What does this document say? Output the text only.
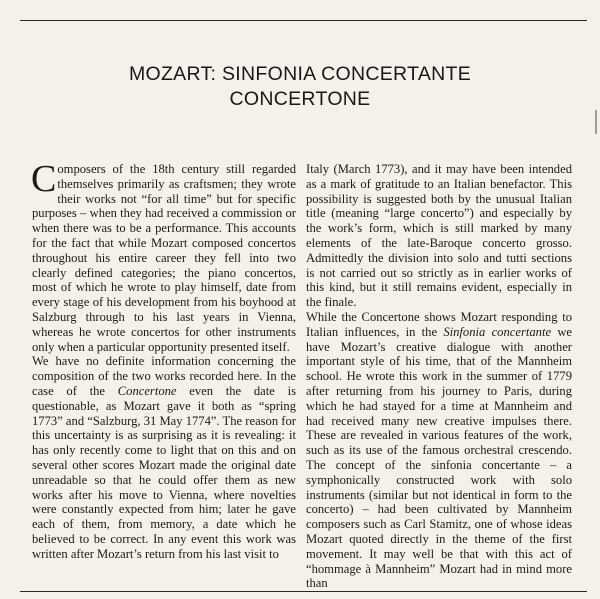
MOZART: SINFONIA CONCERTANTE
CONCERTONE

Composers of the 18th century still regarded themselves primarily as craftsmen; they wrote their works not “for all time” but for specific purposes – when they had received a commission or when there was to be a performance. This accounts for the fact that while Mozart composed concertos throughout his entire career they fell into two clearly defined categories; the piano concertos, most of which he wrote to play himself, date from every stage of his development from his boyhood at Salzburg through to his last years in Vienna, whereas he wrote concertos for other instruments only when a particular opportunity presented itself.

We have no definite information concerning the composition of the two works recorded here. In the case of the Concertone even the date is questionable, as Mozart gave it both as “spring 1773” and “Salzburg, 31 May 1774”. The reason for this uncertainty is as surprising as it is revealing: it has only recently come to light that on this and on several other scores Mozart made the original date unreadable so that he could offer them as new works after his move to Vienna, where novelties were constantly expected from him; later he gave each of them, from memory, a date which he believed to be correct. In any event this work was written after Mozart’s return from his last visit to

Italy (March 1773), and it may have been intended as a mark of gratitude to an Italian benefactor. This possibility is suggested both by the unusual Italian title (meaning “large concerto”) and especially by the work’s form, which is still marked by many elements of the late-Baroque concerto grosso. Admittedly the division into solo and tutti sections is not carried out so strictly as in earlier works of this kind, but it still remains evident, especially in the finale.

While the Concertone shows Mozart responding to Italian influences, in the Sinfonia concertante we have Mozart’s creative dialogue with another important style of his time, that of the Mannheim school. He wrote this work in the summer of 1779 after returning from his journey to Paris, during which he had stayed for a time at Mannheim and had received many new creative impulses there. These are revealed in various features of the work, such as its use of the famous orchestral crescendo. The concept of the sinfonia concertante – a symphonically constructed work with solo instruments (similar but not identical in form to the concerto) – had been cultivated by Mannheim composers such as Carl Stamitz, one of whose ideas Mozart quoted directly in the theme of the first movement. It may well be that with this act of “hommage à Mannheim” Mozart had in mind more than
